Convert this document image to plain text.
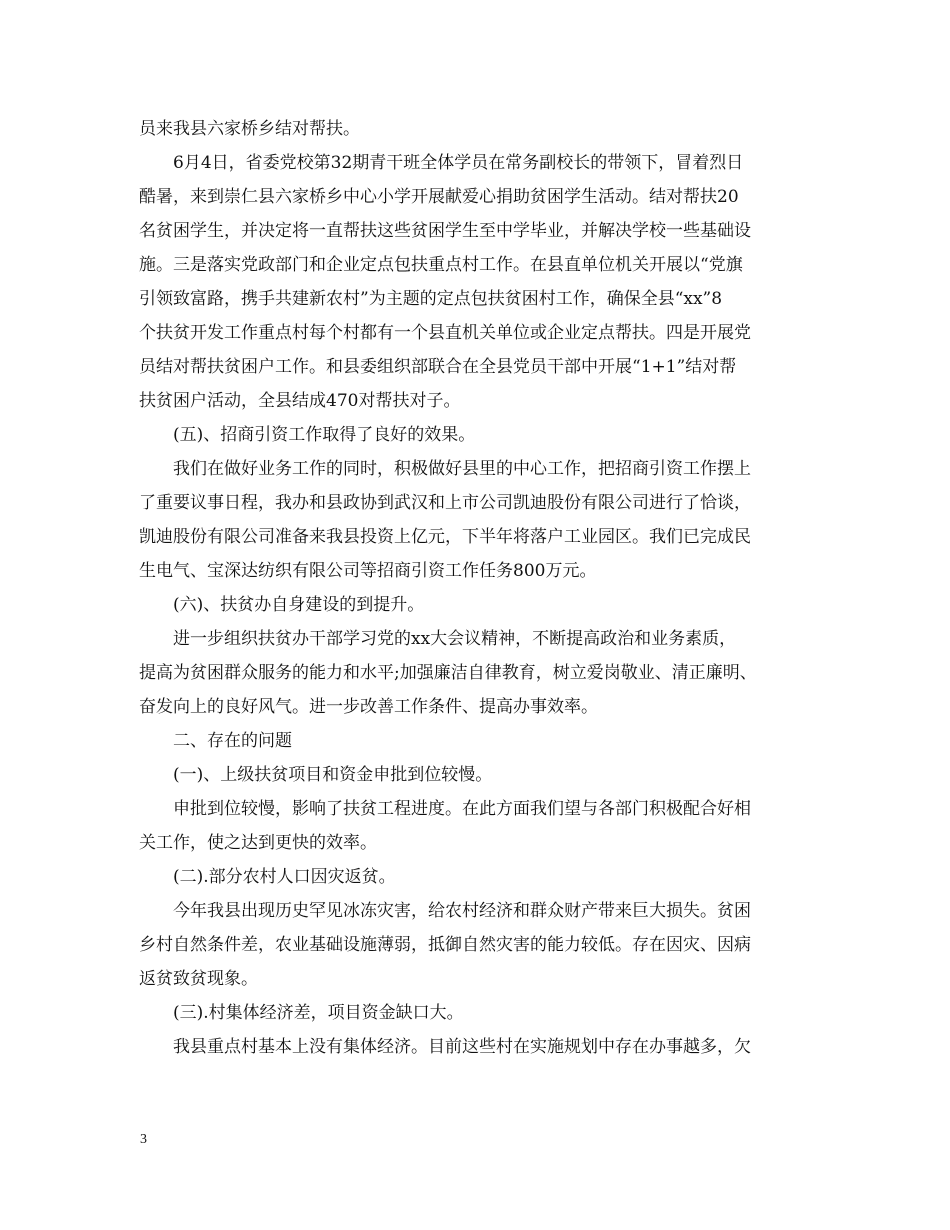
员来我县六家桥乡结对帮扶。
6月4日，省委党校第32期青干班全体学员在常务副校长的带领下，冒着烈日
酷暑，来到崇仁县六家桥乡中心小学开展献爱心捐助贫困学生活动。结对帮扶20
名贫困学生，并决定将一直帮扶这些贫困学生至中学毕业，并解决学校一些基础设
施。三是落实党政部门和企业定点包扶重点村工作。在县直单位机关开展以“党旗
引领致富路，携手共建新农村”为主题的定点包扶贫困村工作，确保全县“xx”8
个扶贫开发工作重点村每个村都有一个县直机关单位或企业定点帮扶。四是开展党
员结对帮扶贫困户工作。和县委组织部联合在全县党员干部中开展“1+1”结对帮
扶贫困户活动，全县结成470对帮扶对子。
(五)、招商引资工作取得了良好的效果。
我们在做好业务工作的同时，积极做好县里的中心工作，把招商引资工作摆上
了重要议事日程，我办和县政协到武汉和上市公司凯迪股份有限公司进行了恰谈，
凯迪股份有限公司准备来我县投资上亿元，下半年将落户工业园区。我们已完成民
生电气、宝深达纺织有限公司等招商引资工作任务800万元。
(六)、扶贫办自身建设的到提升。
进一步组织扶贫办干部学习党的xx大会议精神，不断提高政治和业务素质，
提高为贫困群众服务的能力和水平;加强廉洁自律教育，树立爱岗敬业、清正廉明、
奋发向上的良好风气。进一步改善工作条件、提高办事效率。
二、存在的问题
(一)、上级扶贫项目和资金申批到位较慢。
申批到位较慢，影响了扶贫工程进度。在此方面我们望与各部门积极配合好相
关工作，使之达到更快的效率。
(二).部分农村人口因灾返贫。
今年我县出现历史罕见冰冻灾害，给农村经济和群众财产带来巨大损失。贫困
乡村自然条件差，农业基础设施薄弱，抵御自然灾害的能力较低。存在因灾、因病
返贫致贫现象。
(三).村集体经济差，项目资金缺口大。
我县重点村基本上没有集体经济。目前这些村在实施规划中存在办事越多，欠
3
